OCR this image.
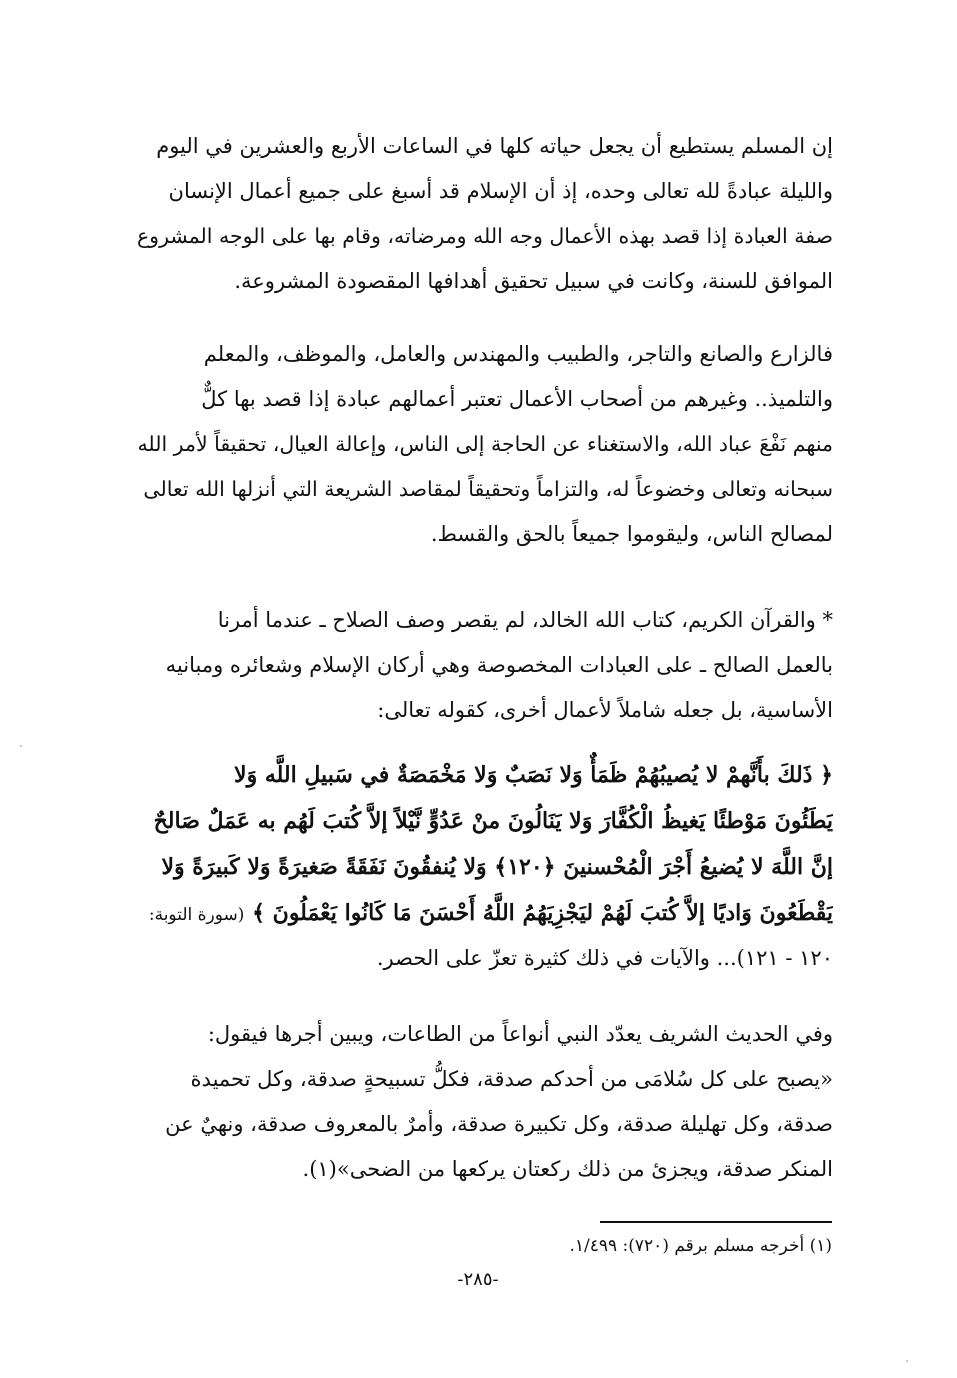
إن المسلم يستطيع أن يجعل حياته كلها في الساعات الأربع والعشرين في اليوم
والليلة عبادةً لله تعالى وحده، إذ أن الإسلام قد أسبغ على جميع أعمال الإنسان
صفة العبادة إذا قصد بهذه الأعمال وجه الله ومرضاته، وقام بها على الوجه المشروع
الموافق للسنة، وكانت في سبيل تحقيق أهدافها المقصودة المشروعة.
فالزارع والصانع والتاجر، والطبيب والمهندس والعامل، والموظف، والمعلم
والتلميذ.. وغيرهم من أصحاب الأعمال تعتبر أعمالهم عبادة إذا قصد بها كلٌّ
منهم نَفْعَ عباد الله، والاستغناء عن الحاجة إلى الناس، وإعالة العيال، تحقيقاً لأمر الله
سبحانه وتعالى وخضوعاً له، والتزاماً وتحقيقاً لمقاصد الشريعة التي أنزلها الله تعالى
لمصالح الناس، وليقوموا جميعاً بالحق والقسط.
* والقرآن الكريم، كتاب الله الخالد، لم يقصر وصف الصلاح ـ عندما أمرنا
بالعمل الصالح ـ على العبادات المخصوصة وهي أركان الإسلام وشعائره ومبانيه
الأساسية، بل جعله شاملاً لأعمال أخرى، كقوله تعالى:
﴿ ذَلكَ بأَنَّهمْ لا يُصيبُهُمْ ظَمَأٌ وَلا نَصَبٌ وَلا مَخْمَصَةٌ في سَبيلِ اللَّه وَلا
يَطَئُونَ مَوْطئًا يَغيظُ الْكُفَّارَ وَلا يَنَالُونَ منْ عَدُوٍّ نَّيْلاً إلاَّ كُتبَ لَهُم به عَمَلٌ صَالحٌ
إنَّ اللَّهَ لا يُضيعُ أَجْرَ الْمُحْسنينَ ﴿١٢٠﴾ وَلا يُنفقُونَ نَفَقَةً صَغيرَةً وَلا كَبيرَةً وَلا
يَقْطَعُونَ وَاديًا إلاَّ كُتبَ لَهُمْ ليَجْزِيَهُمُ اللَّهُ أَحْسَنَ مَا كَانُوا يَعْمَلُونَ ﴾ (سورة التوبة:
١٢٠ - ١٢١)... والآيات في ذلك كثيرة تعزّ على الحصر.
وفي الحديث الشريف يعدّد النبي أنواعاً من الطاعات، ويبين أجرها فيقول:
«يصبح على كل سُلامَى من أحدكم صدقة، فكلُّ تسبيحةٍ صدقة، وكل تحميدة
صدقة، وكل تهليلة صدقة، وكل تكبيرة صدقة، وأمرٌ بالمعروف صدقة، ونهيٌ عن
المنكر صدقة، ويجزئ من ذلك ركعتان يركعها من الضحى»(١).
(١) أخرجه مسلم برقم (٧٢٠): ١/٤٩٩.
-٢٨٥-
